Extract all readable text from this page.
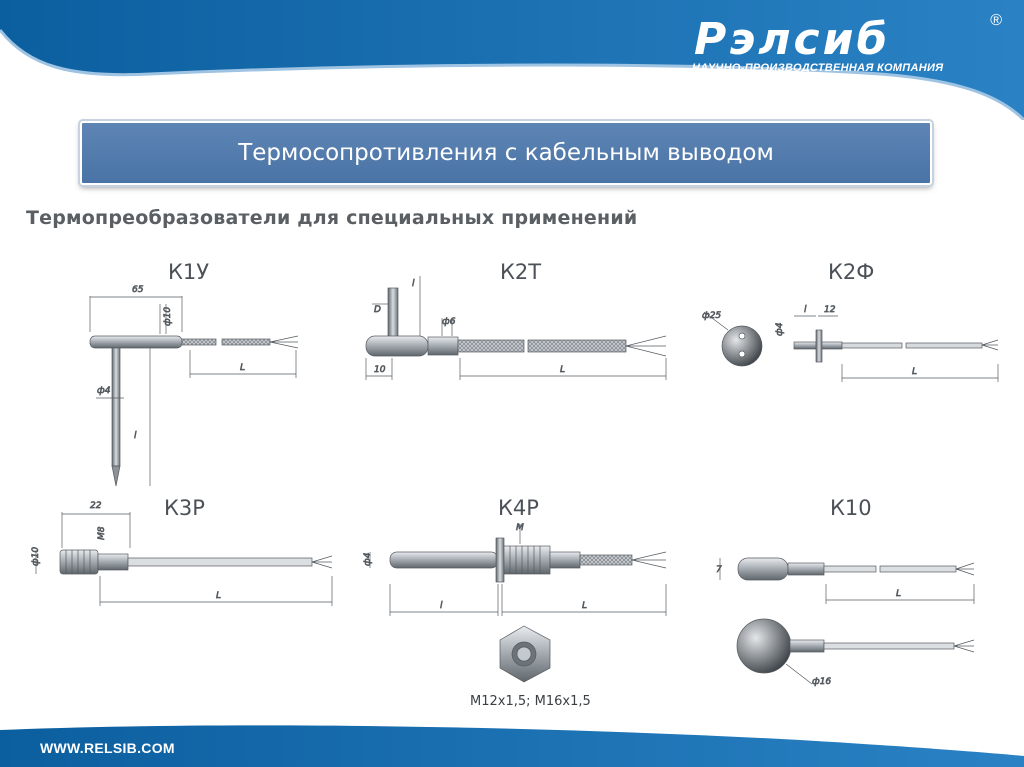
Рэлсиб	®
НАУЧНО-ПРОИЗВОДСТВЕННАЯ КОМПАНИЯ
Термосопротивления с кабельным выводом
Термопреобразователи для специальных применений
65
ф10
ф4
l
L
D
l
ф6
10	L
ф25
ф4
l 12
L
22
М8
ф10
L
М
ф4
l	L
7
L
ф16
К1У	К2Т	К2Ф
К3Р	К4Р	К10
М12х1,5; М16х1,5
WWW.RELSIB.COM
